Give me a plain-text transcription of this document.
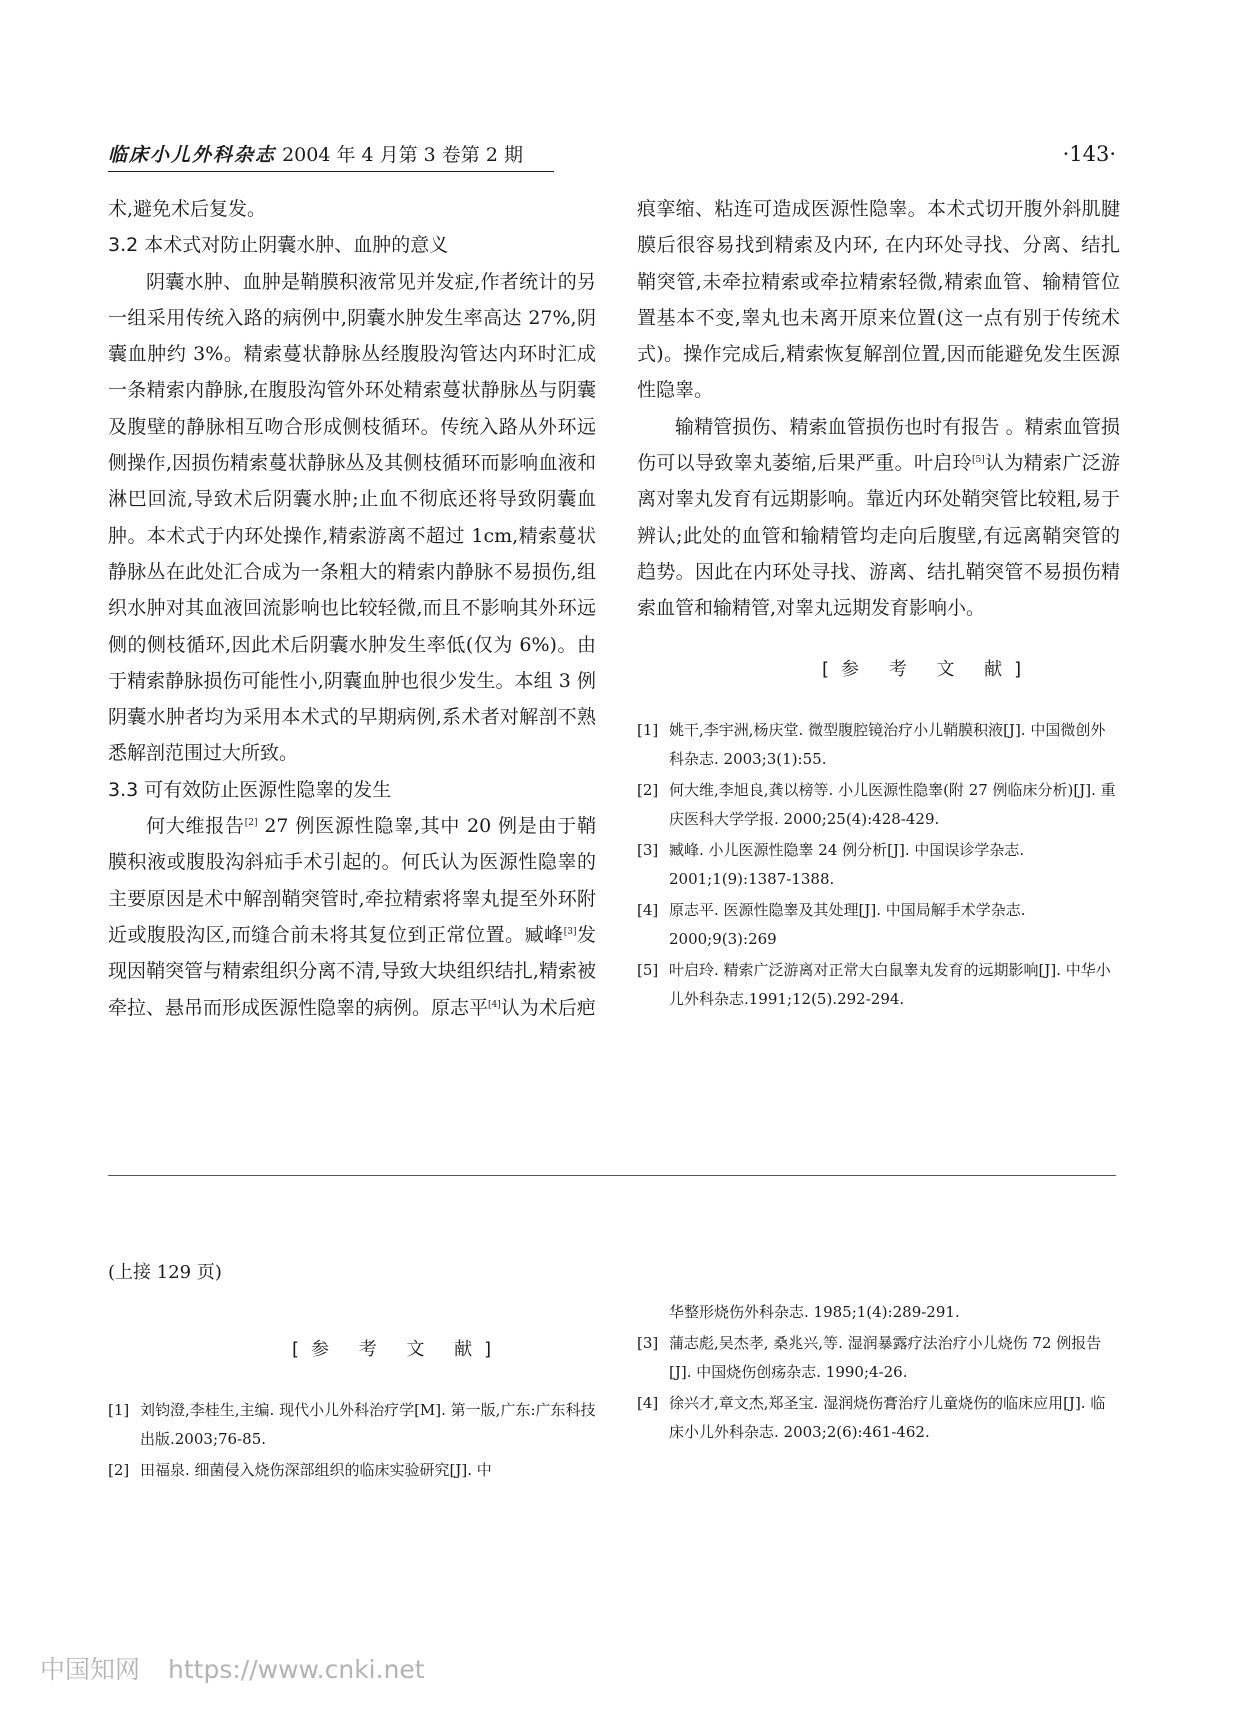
临床小儿外科杂志 2004 年 4 月第 3 卷第 2 期	·143·

术,避免术后复发。

3.2 本术式对防止阴囊水肿、血肿的意义

阴囊水肿、血肿是鞘膜积液常见并发症,作者统计的另一组采用传统入路的病例中,阴囊水肿发生率高达 27%,阴囊血肿约 3%。精索蔓状静脉丛经腹股沟管达内环时汇成一条精索内静脉,在腹股沟管外环处精索蔓状静脉丛与阴囊及腹壁的静脉相互吻合形成侧枝循环。传统入路从外环远侧操作,因损伤精索蔓状静脉丛及其侧枝循环而影响血液和淋巴回流,导致术后阴囊水肿;止血不彻底还将导致阴囊血肿。本术式于内环处操作,精索游离不超过 1cm,精索蔓状静脉丛在此处汇合成为一条粗大的精索内静脉不易损伤,组织水肿对其血液回流影响也比较轻微,而且不影响其外环远侧的侧枝循环,因此术后阴囊水肿发生率低(仅为 6%)。由于精索静脉损伤可能性小,阴囊血肿也很少发生。本组 3 例阴囊水肿者均为采用本术式的早期病例,系术者对解剖不熟悉解剖范围过大所致。

3.3 可有效防止医源性隐睾的发生

何大维报告[2] 27 例医源性隐睾,其中 20 例是由于鞘膜积液或腹股沟斜疝手术引起的。何氏认为医源性隐睾的主要原因是术中解剖鞘突管时,牵拉精索将睾丸提至外环附近或腹股沟区,而缝合前未将其复位到正常位置。臧峰[3]发现因鞘突管与精索组织分离不清,导致大块组织结扎,精索被牵拉、悬吊而形成医源性隐睾的病例。原志平[4]认为术后疤

痕挛缩、粘连可造成医源性隐睾。本术式切开腹外斜肌腱膜后很容易找到精索及内环, 在内环处寻找、分离、结扎鞘突管,未牵拉精索或牵拉精索轻微,精索血管、输精管位置基本不变,睾丸也未离开原来位置(这一点有别于传统术式)。操作完成后,精索恢复解剖位置,因而能避免发生医源性隐睾。

输精管损伤、精索血管损伤也时有报告 。精索血管损伤可以导致睾丸萎缩,后果严重。叶启玲[5]认为精索广泛游离对睾丸发育有远期影响。靠近内环处鞘突管比较粗,易于辨认;此处的血管和输精管均走向后腹壁,有远离鞘突管的趋势。因此在内环处寻找、游离、结扎鞘突管不易损伤精索血管和输精管,对睾丸远期发育影响小。

[参 考 文 献]
[1] 姚干,李宇洲,杨庆堂. 微型腹腔镜治疗小儿鞘膜积液[J]. 中国微创外科杂志. 2003;3(1):55.
[2] 何大维,李旭良,龚以榜等. 小儿医源性隐睾(附 27 例临床分析)[J]. 重庆医科大学学报. 2000;25(4):428-429.
[3] 臧峰. 小儿医源性隐睾 24 例分析[J]. 中国误诊学杂志. 2001;1(9):1387-1388.
[4] 原志平. 医源性隐睾及其处理[J]. 中国局解手术学杂志. 2000;9(3):269
[5] 叶启玲. 精索广泛游离对正常大白鼠睾丸发育的远期影响[J]. 中华小儿外科杂志.1991;12(5).292-294.
(上接 129 页)
[参 考 文 献]
[1] 刘钧澄,李桂生,主编. 现代小儿外科治疗学[M]. 第一版,广东:广东科技出版.2003;76-85.
[2] 田福泉. 细菌侵入烧伤深部组织的临床实验研究[J]. 中
华整形烧伤外科杂志. 1985;1(4):289-291.
[3] 蒲志彪,吴杰孝, 桑兆兴,等. 湿润暴露疗法治疗小儿烧伤 72 例报告[J]. 中国烧伤创疡杂志. 1990;4-26.
[4] 徐兴才,章文杰,郑圣宝. 湿润烧伤膏治疗儿童烧伤的临床应用[J]. 临床小儿外科杂志. 2003;2(6):461-462.
中国知网 https://www.cnki.net
